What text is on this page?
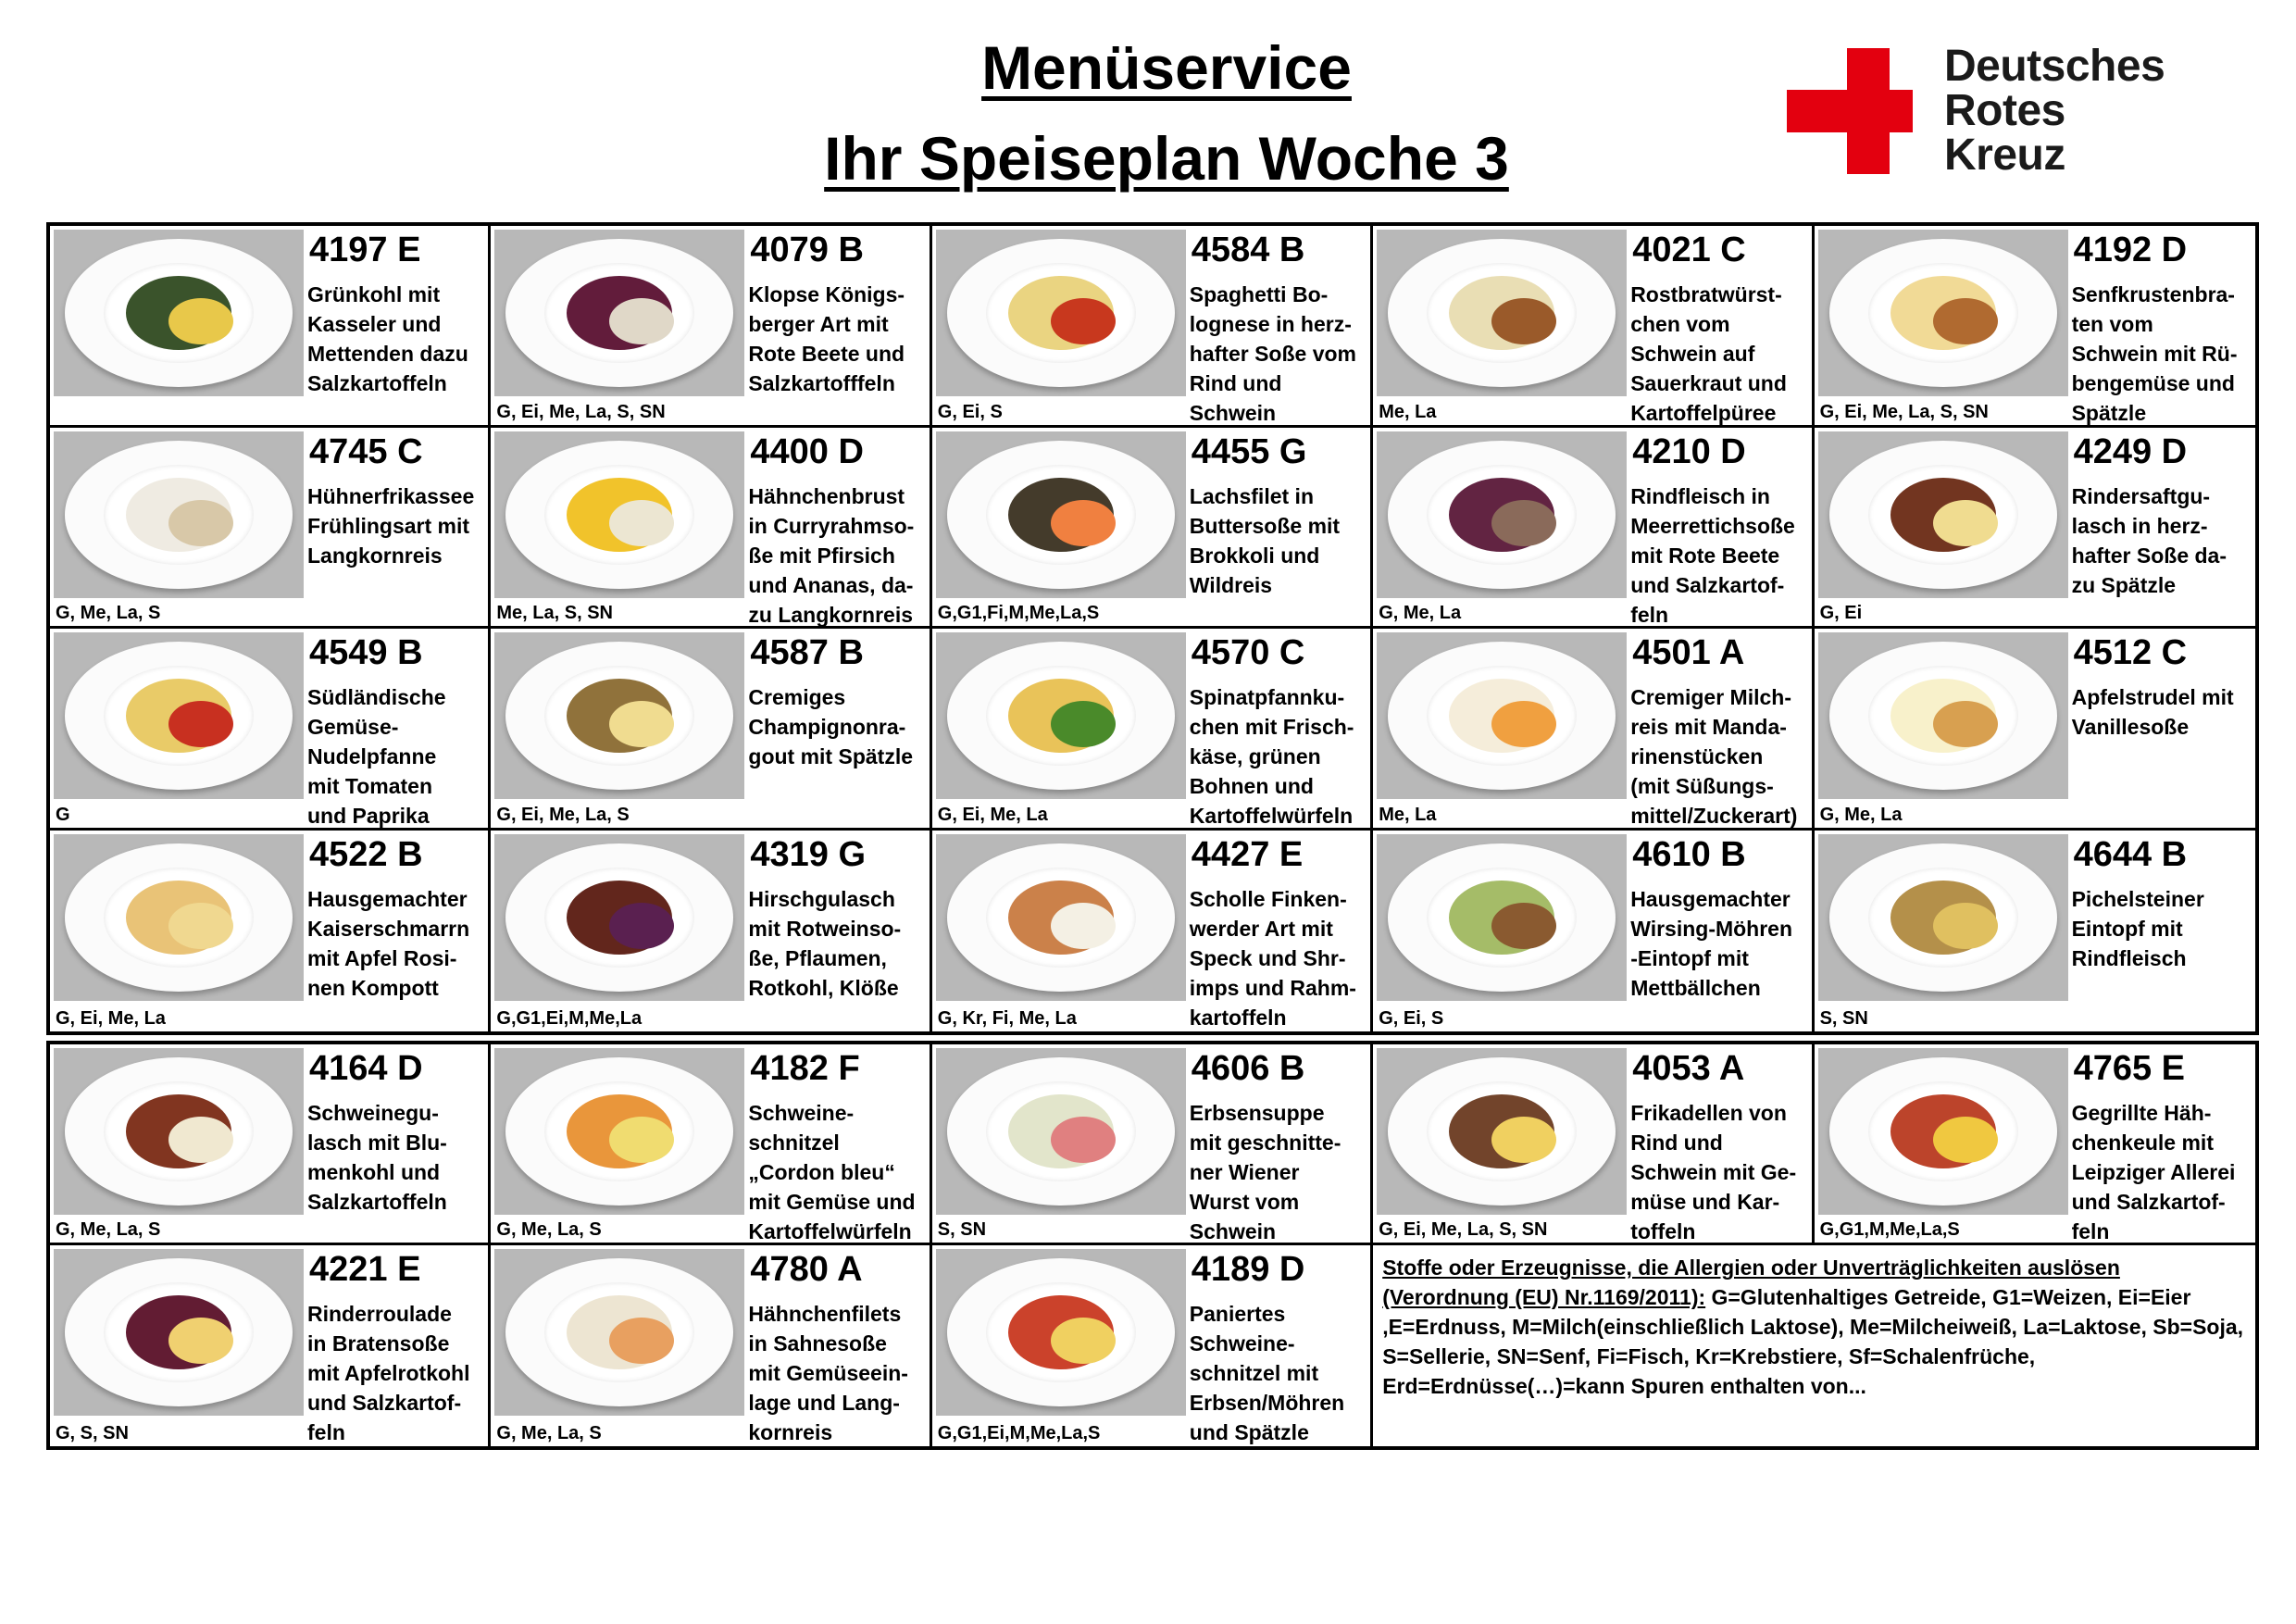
Menüservice
Ihr Speiseplan Woche 3
Deutsches
Rotes
Kreuz
4197 E
Grünkohl mit
Kasseler und
Mettenden dazu
Salzkartoffeln
4079 B
Klopse Königs-
berger Art mit
Rote Beete und
Salzkartofffeln
G, Ei, Me, La, S, SN
4584 B
Spaghetti Bo-
lognese in herz-
hafter Soße vom
Rind und
Schwein
G, Ei, S
4021 C
Rostbratwürst-
chen vom
Schwein auf
Sauerkraut und
Kartoffelpüree
Me, La
4192 D
Senfkrustenbra-
ten vom
Schwein mit Rü-
bengemüse und
Spätzle
G, Ei, Me, La, S, SN
4745 C
Hühnerfrikassee
Frühlingsart mit
Langkornreis
G, Me, La, S
4400 D
Hähnchenbrust
in Curryrahmso-
ße mit Pfirsich
und Ananas, da-
zu Langkornreis
Me, La, S, SN
4455 G
Lachsfilet in
Buttersoße mit
Brokkoli und
Wildreis
G,G1,Fi,M,Me,La,S
4210 D
Rindfleisch in
Meerrettichsoße
mit Rote Beete
und Salzkartof-
feln
G, Me, La
4249 D
Rindersaftgu-
lasch in herz-
hafter Soße da-
zu Spätzle
G, Ei
4549 B
Südländische
Gemüse-
Nudelpfanne
mit Tomaten
und Paprika
G
4587 B
Cremiges
Champignonra-
gout mit Spätzle
G, Ei, Me, La, S
4570 C
Spinatpfannku-
chen mit Frisch-
käse, grünen
Bohnen und
Kartoffelwürfeln
G, Ei, Me, La
4501 A
Cremiger Milch-
reis mit Manda-
rinenstücken
(mit Süßungs-
mittel/Zuckerart)
Me, La
4512 C
Apfelstrudel mit
Vanillesoße
G, Me, La
4522 B
Hausgemachter
Kaiserschmarrn
mit Apfel Rosi-
nen Kompott
G, Ei, Me, La
4319 G
Hirschgulasch
mit Rotweinso-
ße, Pflaumen,
Rotkohl, Klöße
G,G1,Ei,M,Me,La
4427 E
Scholle Finken-
werder Art mit
Speck und Shr-
imps und Rahm-
kartoffeln
G, Kr, Fi, Me, La
4610 B
Hausgemachter
Wirsing-Möhren
-Eintopf mit
Mettbällchen
G, Ei, S
4644 B
Pichelsteiner
Eintopf mit
Rindfleisch
S, SN
4164 D
Schweinegu-
lasch mit Blu-
menkohl und
Salzkartoffeln
G, Me, La, S
4182 F
Schweine-
schnitzel
„Cordon bleu“
mit Gemüse und
Kartoffelwürfeln
G, Me, La, S
4606 B
Erbsensuppe
mit geschnitte-
ner Wiener
Wurst vom
Schwein
S, SN
4053 A
Frikadellen von
Rind und
Schwein mit Ge-
müse und Kar-
toffeln
G, Ei, Me, La, S, SN
4765 E
Gegrillte Häh-
chenkeule mit
Leipziger Allerei
und Salzkartof-
feln
G,G1,M,Me,La,S
4221 E
Rinderroulade
in Bratensoße
mit Apfelrotkohl
und Salzkartof-
feln
G, S, SN
4780 A
Hähnchenfilets
in Sahnesoße
mit Gemüseein-
lage und Lang-
kornreis
G, Me, La, S
4189 D
Paniertes
Schweine-
schnitzel mit
Erbsen/Möhren
und Spätzle
G,G1,Ei,M,Me,La,S
Stoffe oder Erzeugnisse, die Allergien oder Unverträglichkeiten auslösen
(Verordnung (EU) Nr.1169/2011): G=Glutenhaltiges Getreide, G1=Weizen, Ei=Eier ,E=Erdnuss, M=Milch(einschließlich Laktose), Me=Milcheiweiß, La=Laktose, Sb=Soja, S=Sellerie, SN=Senf, Fi=Fisch, Kr=Krebstiere, Sf=Schalenfrüche, Erd=Erdnüsse(…)=kann Spuren enthalten von...
